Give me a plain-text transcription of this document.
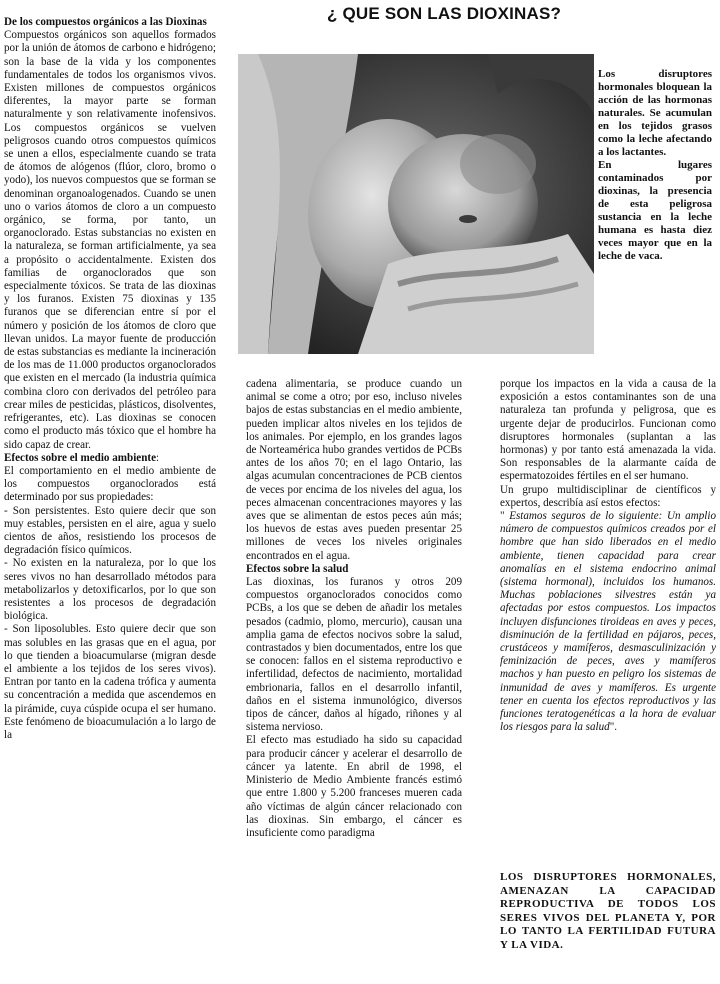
¿ QUE SON LAS DIOXINAS?

De los compuestos orgánicos a las Dioxinas

Compuestos orgánicos son aquellos formados por la unión de átomos de carbono e hidrógeno; son la base de la vida y los componentes fundamentales de todos los organismos vivos. Existen millones de compuestos orgánicos diferentes, la mayor parte se forman naturalmente y son relativamente inofensivos. Los compuestos orgánicos se vuelven peligrosos cuando otros compuestos químicos se unen a ellos, especialmente cuando se trata de átomos de alógenos (flúor, cloro, bromo o yodo), los nuevos compuestos que se forman se denominan organoalogenados. Cuando se unen uno o varios átomos de cloro a un compuesto orgánico, se forma, por tanto, un organoclorado. Estas substancias no existen en la naturaleza, se forman artificialmente, ya sea a propósito o accidentalmente. Existen dos familias de organoclorados que son especialmente tóxicos. Se trata de las dioxinas y los furanos. Existen 75 dioxinas y 135 furanos que se diferencian entre sí por el número y posición de los átomos de cloro que llevan unidos. La mayor fuente de producción de estas substancias es mediante la incineración de los mas de 11.000 productos organoclorados que existen en el mercado (la industria química combina cloro con derivados del petróleo para crear miles de pesticidas, plásticos, disolventes, refrigerantes, etc). Las dioxinas se conocen como el producto más tóxico que el hombre ha sido capaz de crear.

Efectos sobre el medio ambiente:

El comportamiento en el medio ambiente de los compuestos organoclorados está determinado por sus propiedades:

- Son persistentes. Esto quiere decir que son muy estables, persisten en el aire, agua y suelo cientos de años, resistiendo los procesos de degradación físico químicos.

- No existen en la naturaleza, por lo que los seres vivos no han desarrollado métodos para metabolizarlos y detoxificarlos, por lo que son resistentes a los procesos de degradación biológica.

- Son liposolubles. Esto quiere decir que son mas solubles en las grasas que en el agua, por lo que tienden a bioacumularse (migran desde el ambiente a los tejidos de los seres vivos). Entran por tanto en la cadena trófica y aumenta su concentración a medida que ascendemos en la pirámide, cuya cúspide ocupa el ser humano. Este fenómeno de bioacumulación a lo largo de la

Los disruptores hormonales bloquean la acción de las hormonas naturales. Se acumulan en los tejidos grasos como la leche afectando a los lactantes.

En lugares contaminados por dioxinas, la presencia de esta peligrosa sustancia en la leche humana es hasta diez veces mayor que en la leche de vaca.

cadena alimentaria, se produce cuando un animal se come a otro; por eso, incluso niveles bajos de estas substancias en el medio ambiente, pueden implicar altos niveles en los tejidos de los animales. Por ejemplo, en los grandes lagos de Norteamérica hubo grandes vertidos de PCBs antes de los años 70; en el lago Ontario, las algas acumulan concentraciones de PCB cientos de veces por encima de los niveles del agua, los peces almacenan concentraciones mayores y las aves que se alimentan de estos peces aún más; los huevos de estas aves pueden presentar 25 millones de veces los niveles originales encontrados en el agua.

Efectos sobre la salud

Las dioxinas, los furanos y otros 209 compuestos organoclorados conocidos como PCBs, a los que se deben de añadir los metales pesados (cadmio, plomo, mercurio), causan una amplia gama de efectos nocivos sobre la salud, contrastados y bien documentados, entre los que se conocen: fallos en el sistema reproductivo e infertilidad, defectos de nacimiento, mortalidad embrionaria, fallos en el desarrollo infantil, daños en el sistema inmunológico, diversos tipos de cáncer, daños al hígado, riñones y al sistema nervioso.

El efecto mas estudiado ha sido su capacidad para producir cáncer y acelerar el desarrollo de cáncer ya latente. En abril de 1998, el Ministerio de Medio Ambiente francés estimó que entre 1.800 y 5.200 franceses mueren cada año víctimas de algún cáncer relacionado con las dioxinas. Sin embargo, el cáncer es insuficiente como paradigma

porque los impactos en la vida a causa de la exposición a estos contaminantes son de una naturaleza tan profunda y peligrosa, que es urgente dejar de producirlos. Funcionan como disruptores hormonales (suplantan a las hormonas) y por tanto está amenazada la vida. Son responsables de la alarmante caída de espermatozoides fértiles en el ser humano.

Un grupo multidisciplinar de científicos y expertos, describía así estos efectos:

" Estamos seguros de lo siguiente: Un amplio número de compuestos químicos creados por el hombre que han sido liberados en el medio ambiente, tienen capacidad para crear anomalías en el sistema endocrino animal (sistema hormonal), incluidos los humanos. Muchas poblaciones silvestres están ya afectadas por estos compuestos. Los impactos incluyen disfunciones tiroideas en aves y peces, disminución de la fertilidad en pájaros, peces, crustáceos y mamíferos, desmasculinización y feminización de peces, aves y mamíferos machos y han puesto en peligro los sistemas de inmunidad de aves y mamíferos. Es urgente tener en cuenta los efectos reproductivos y las funciones teratogenéticas a la hora de evaluar los riesgos para la salud".

LOS DISRUPTORES HORMONALES, AMENAZAN LA CAPACIDAD REPRODUCTIVA DE TODOS LOS SERES VIVOS DEL PLANETA Y, POR LO TANTO LA FERTILIDAD FUTURA Y LA VIDA.
